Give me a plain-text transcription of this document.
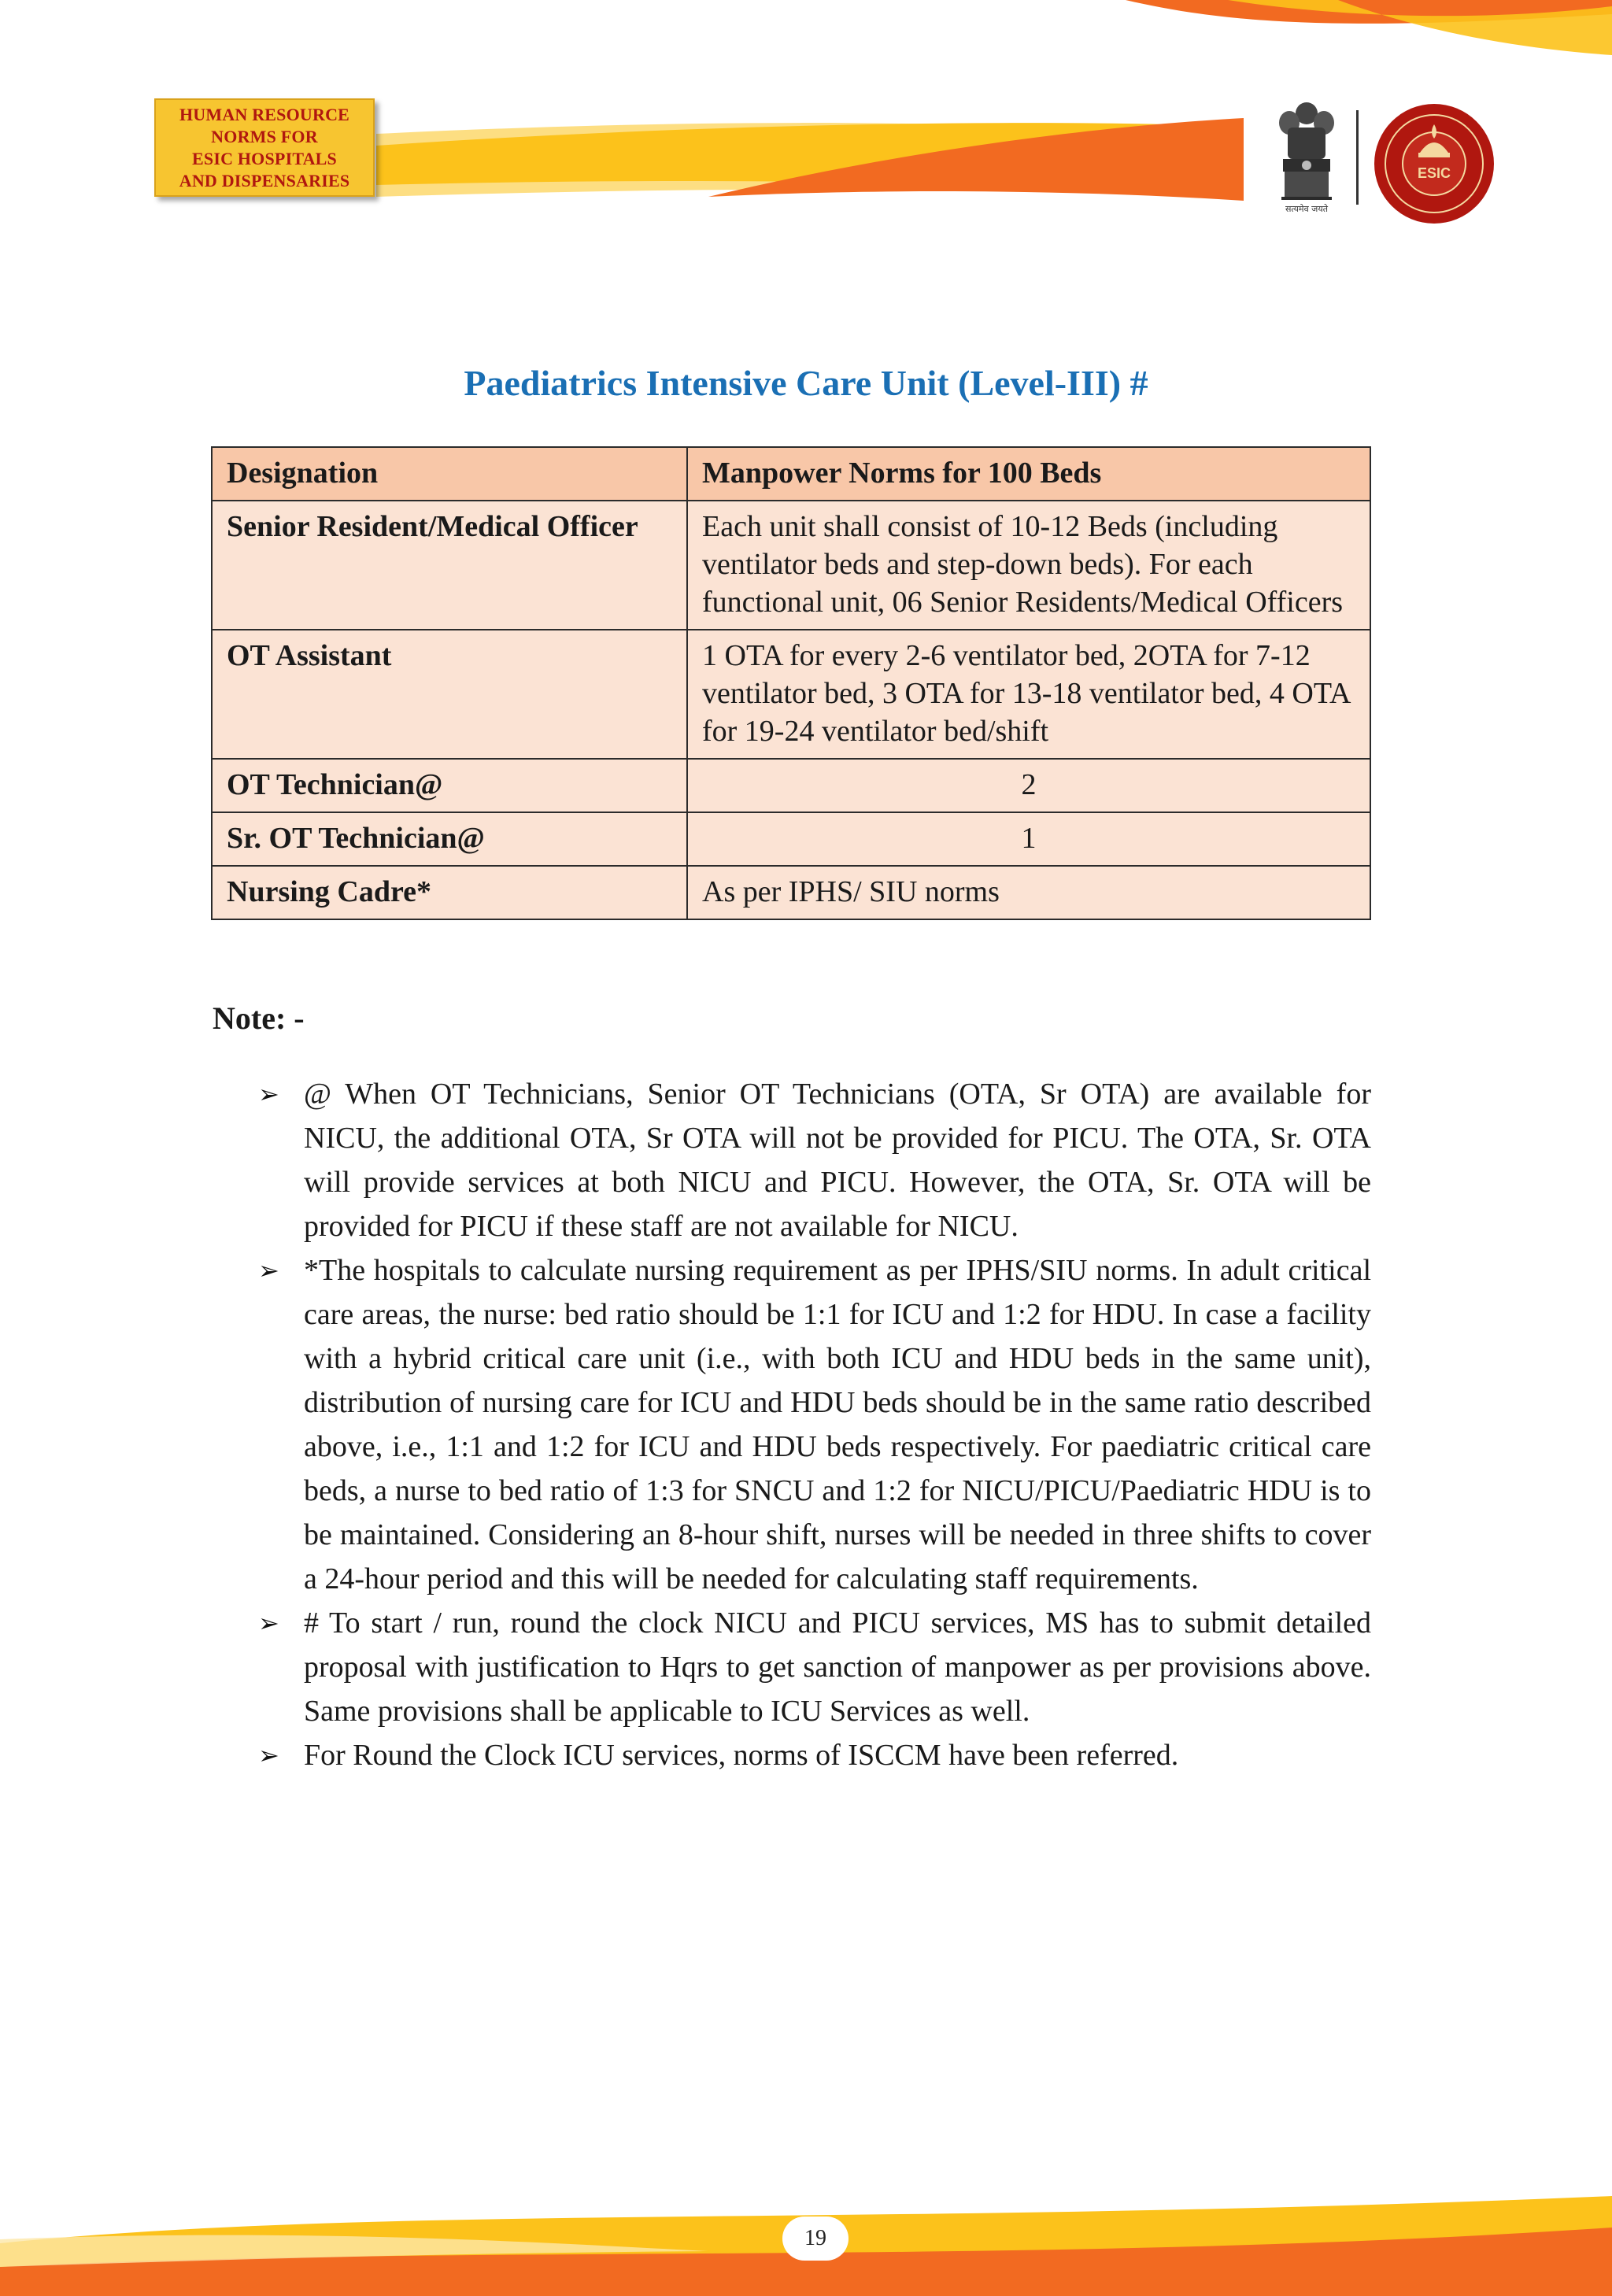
HUMAN RESOURCE
NORMS FOR
ESIC HOSPITALS
AND DISPENSARIES
सत्यमेव जयते
ESIC
Paediatrics Intensive Care Unit (Level-III) #
Designation	Manpower Norms for 100 Beds
Senior Resident/Medical Officer	Each unit shall consist of 10-12 Beds (including ventilator beds and step-down beds). For each functional unit, 06 Senior Residents/Medical Officers
OT Assistant	1 OTA for every 2-6 ventilator bed, 2OTA for 7-12 ventilator bed, 3 OTA for 13-18 ventilator bed, 4 OTA for 19-24 ventilator bed/shift
OT Technician@	2
Sr. OT Technician@	1
Nursing Cadre*	As per IPHS/ SIU norms
Note: -
➢ @ When OT Technicians, Senior OT Technicians (OTA, Sr OTA) are available for NICU, the additional OTA, Sr OTA will not be provided for PICU. The OTA, Sr. OTA will provide services at both NICU and PICU. However, the OTA, Sr. OTA will be provided for PICU if these staff are not available for NICU.
➢ *The hospitals to calculate nursing requirement as per IPHS/SIU norms. In adult critical care areas, the nurse: bed ratio should be 1:1 for ICU and 1:2 for HDU. In case a facility with a hybrid critical care unit (i.e., with both ICU and HDU beds in the same unit), distribution of nursing care for ICU and HDU beds should be in the same ratio described above, i.e., 1:1 and 1:2 for ICU and HDU beds respectively. For paediatric critical care beds, a nurse to bed ratio of 1:3 for SNCU and 1:2 for NICU/PICU/Paediatric HDU is to be maintained. Considering an 8-hour shift, nurses will be needed in three shifts to cover a 24-hour period and this will be needed for calculating staff requirements.
➢ # To start / run, round the clock NICU and PICU services, MS has to submit detailed proposal with justification to Hqrs to get sanction of manpower as per provisions above. Same provisions shall be applicable to ICU Services as well.
➢ For Round the Clock ICU services, norms of ISCCM have been referred.
19
